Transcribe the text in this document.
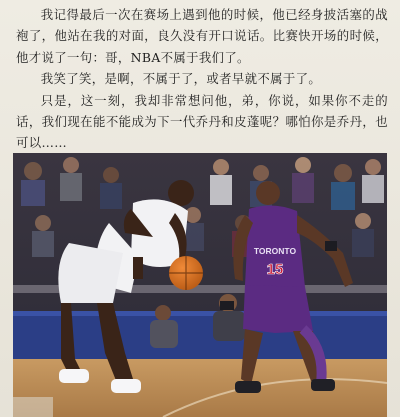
我记得最后一次在赛场上遇到他的时候，他已经身披活塞的战袍了，他站在我的对面，良久没有开口说话。比赛快开场的时候，他才说了一句：哥，NBA不属于我们了。

我笑了笑，是啊，不属于了，或者早就不属于了。

只是，这一刻，我却非常想问他，弟，你说，如果你不走的话，我们现在能不能成为下一代乔丹和皮蓬呢？哪怕你是乔丹，也可以……

TORONTO
15
